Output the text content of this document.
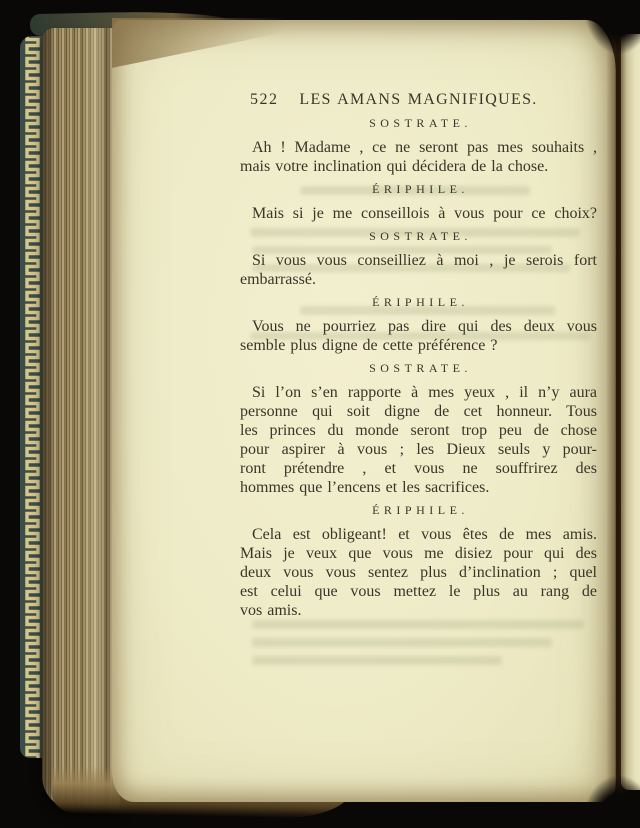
522	LES AMANS MAGNIFIQUES.
SOSTRATE.
Ah ! Madame , ce ne seront pas mes souhaits ,
mais votre inclination qui décidera de la chose.
ÉRIPHILE.
Mais si je me conseillois à vous pour ce choix?
SOSTRATE.
Si vous vous conseilliez à moi , je serois fort
embarrassé.
ÉRIPHILE.
Vous ne pourriez pas dire qui des deux vous
semble plus digne de cette préférence ?
SOSTRATE.
Si l’on s’en rapporte à mes yeux , il n’y aura
personne qui soit digne de cet honneur. Tous
les princes du monde seront trop peu de chose
pour aspirer à vous ; les Dieux seuls y pour-
ront prétendre , et vous ne souffrirez des
hommes que l’encens et les sacrifices.
ÉRIPHILE.
Cela est obligeant! et vous êtes de mes amis.
Mais je veux que vous me disiez pour qui des
deux vous vous sentez plus d’inclination ; quel
est celui que vous mettez le plus au rang de
vos amis.
